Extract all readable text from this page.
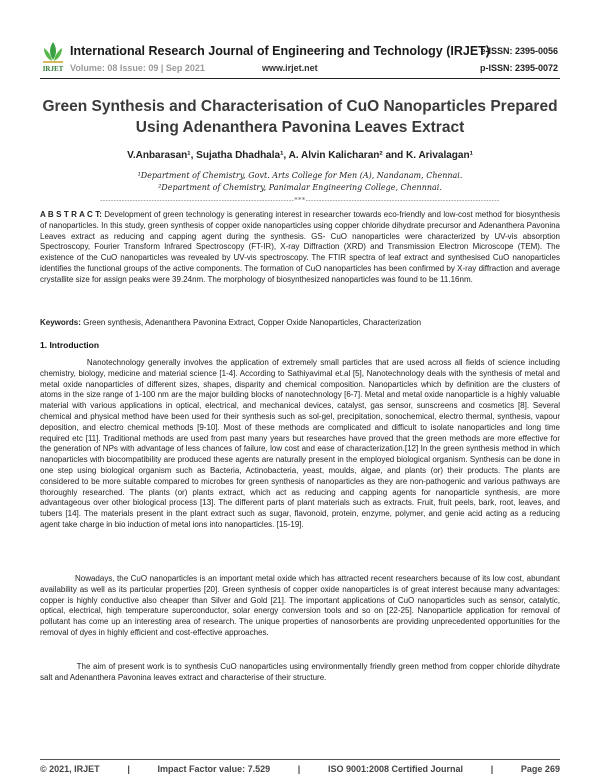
IRJET
International Research Journal of Engineering and Technology (IRJET)
Volume: 08 Issue: 09 | Sep 2021	www.irjet.net
e-ISSN: 2395-0056
p-ISSN: 2395-0072
Green Synthesis and Characterisation of CuO Nanoparticles Prepared
Using Adenanthera Pavonina Leaves Extract
V.Anbarasan¹, Sujatha Dhadhala¹, A. Alvin Kalicharan² and K. Arivalagan¹
¹Department of Chemistry, Govt. Arts College for Men (A), Nandanam, Chennai.
²Department of Chemistry, Panimalar Engineering College, Chennnai.
------------------------------------------------------------------------***------------------------------------------------------------------------
A B S T R A C T: Development of green technology is generating interest in researcher towards eco-friendly and low-cost method for biosynthesis of nanoparticles. In this study, green synthesis of copper oxide nanoparticles using copper chloride dihydrate precursor and Adenanthera Pavonina Leaves extract as reducing and capping agent during the synthesis. GS- CuO nanoparticles were characterized by UV-vis absorption Spectroscopy, Fourier Transform Infrared Spectroscopy (FT-IR), X-ray Diffraction (XRD) and Transmission Electron Microscope (TEM). The existence of the CuO nanoparticles was revealed by UV-vis spectroscopy. The FTIR spectra of leaf extract and synthesised CuO nanoparticles identifies the functional groups of the active components. The formation of CuO nanoparticles has been confirmed by X-ray diffraction and average crystallite size for assign peaks were 39.24nm. The morphology of biosynthesized nanoparticles was found to be 11.16nm.
Keywords: Green synthesis, Adenanthera Pavonina Extract, Copper Oxide Nanoparticles, Characterization
1. Introduction
Nanotechnology generally involves the application of extremely small particles that are used across all fields of science including chemistry, biology, medicine and material science [1-4]. According to Sathiyavimal et.al [5], Nanotechnology deals with the synthesis of metal and metal oxide nanoparticles of different sizes, shapes, disparity and chemical composition. Nanoparticles which by definition are the clusters of atoms in the size range of 1-100 nm are the major building blocks of nanotechnology [6-7]. Metal and metal oxide nanoparticle is a highly valuable material with various applications in optical, electrical, and mechanical devices, catalyst, gas sensor, sunscreens and cosmetics [8]. Several chemical and physical method have been used for their synthesis such as sol-gel, precipitation, sonochemical, electro thermal, synthesis, vapour deposition, and electro chemical methods [9-10]. Most of these methods are complicated and difficult to isolate nanoparticles and long time required etc [11]. Traditional methods are used from past many years but researches have proved that the green methods are more effective for the generation of NPs with advantage of less chances of failure, low cost and ease of characterization.[12] In the green synthesis method in which nanoparticles with biocompatibility are produced these agents are naturally present in the employed biological organism. Synthesis can be done in one step using biological organism such as Bacteria, Actinobacteria, yeast, moulds, algae, and plants (or) their products. The plants are considered to be more suitable compared to microbes for green synthesis of nanoparticles as they are non-pathogenic and various pathways are thoroughly researched. The plants (or) plants extract, which act as reducing and capping agents for nanoparticle synthesis, are more advantageous over other biological process [13]. The different parts of plant materials such as extracts. Fruit, fruit peels, bark, root, leaves, and tubers [14]. The materials present in the plant extract such as sugar, flavonoid, protein, enzyme, polymer, and genie acid acting as a reducing agent take charge in bio induction of metal ions into nanoparticles. [15-19].
Nowadays, the CuO nanoparticles is an important metal oxide which has attracted recent researchers because of its low cost, abundant availability as well as its particular properties [20]. Green synthesis of copper oxide nanoparticles is of great interest because many advantages: copper is highly conductive also cheaper than Silver and Gold [21]. The important applications of CuO nanoparticles such as sensor, catalytic, optical, electrical, high temperature superconductor, solar energy conversion tools and so on [22-25]. Nanoparticle application for removal of pollutant has come up an interesting area of research. The unique properties of nanosorbents are providing unprecedented opportunities for the removal of dyes in highly efficient and cost-effective approaches.
The aim of present work is to synthesis CuO nanoparticles using environmentally friendly green method from copper chloride dihydrate salt and Adenanthera Pavonina leaves extract and characterise of their structure.
© 2021, IRJET	|	Impact Factor value: 7.529	|	ISO 9001:2008 Certified Journal	|	Page 269
